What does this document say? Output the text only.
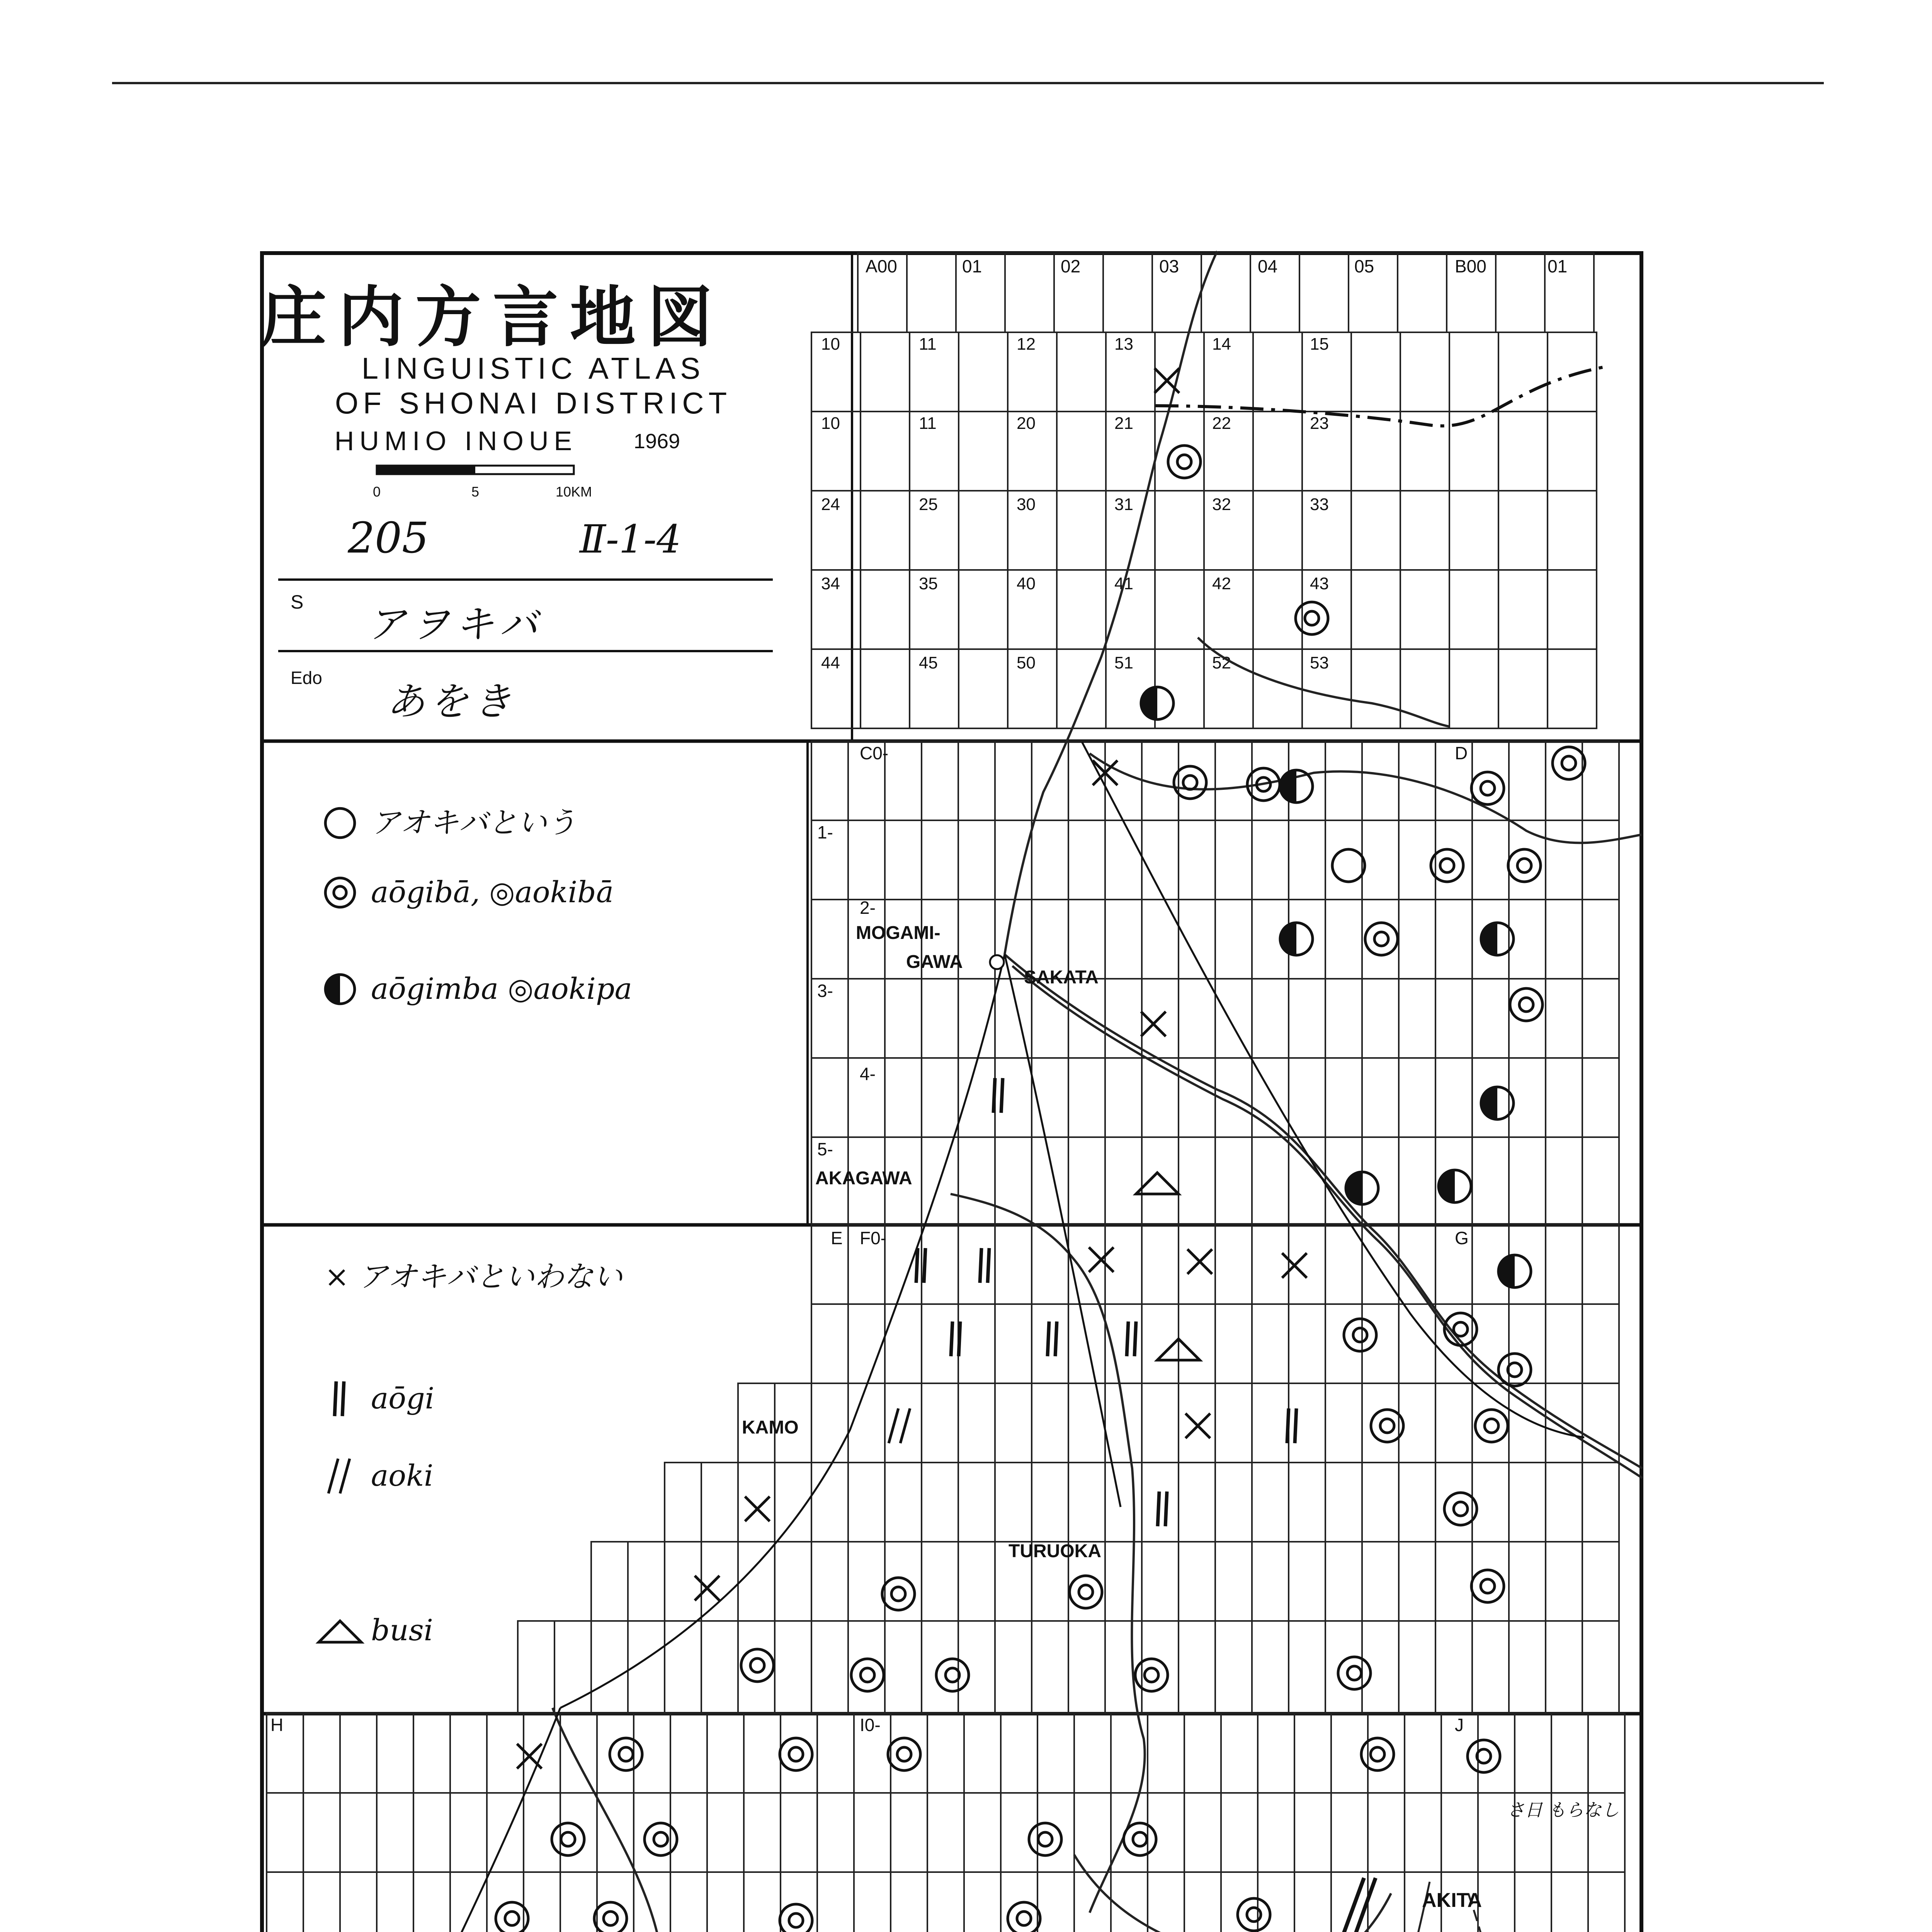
A00	01	02	03	04	05	B00	01
10	11	12	13	14	15
10	11	20	21	22	23
24	25	30	31	32	33
34	35	40	41	42	43
44	45	50	51	52	53
C0-
1-
2-
3-
4-
5-
D
E F0-	G
H	I0-	J
庄内方言地図
LINGUISTIC ATLAS
OF SHONAI DISTRICT
HUMIO INOUE	1969
0	5	10KM
205	Ⅱ-1-4
S アヲキバ
Edo
あをき
アオキバという
aōgibā, ◎aokibā
aōgimba ◎aokipa
× アオキバといわない
aōgi
aoki
busi
MOGAMI-
GAWA
SAKATA
AKAGAWA
KAMO
TURUOKA
AKITA
さ日 もらなし
